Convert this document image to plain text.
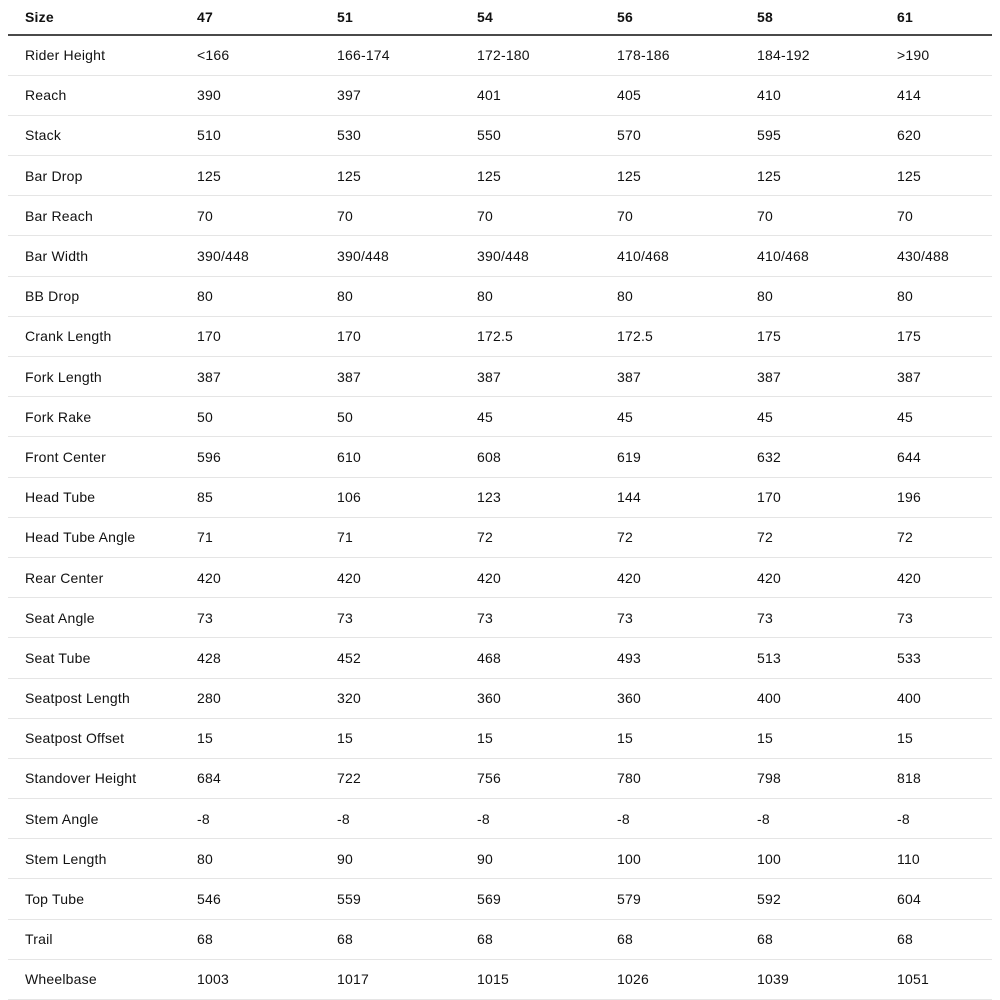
Size	47	51	54	56	58	61
Rider Height	<166	166-174	172-180	178-186	184-192	>190
Reach	390	397	401	405	410	414
Stack	510	530	550	570	595	620
Bar Drop	125	125	125	125	125	125
Bar Reach	70	70	70	70	70	70
Bar Width	390/448	390/448	390/448	410/468	410/468	430/488
BB Drop	80	80	80	80	80	80
Crank Length	170	170	172.5	172.5	175	175
Fork Length	387	387	387	387	387	387
Fork Rake	50	50	45	45	45	45
Front Center	596	610	608	619	632	644
Head Tube	85	106	123	144	170	196
Head Tube Angle	71	71	72	72	72	72
Rear Center	420	420	420	420	420	420
Seat Angle	73	73	73	73	73	73
Seat Tube	428	452	468	493	513	533
Seatpost Length	280	320	360	360	400	400
Seatpost Offset	15	15	15	15	15	15
Standover Height	684	722	756	780	798	818
Stem Angle	-8	-8	-8	-8	-8	-8
Stem Length	80	90	90	100	100	110
Top Tube	546	559	569	579	592	604
Trail	68	68	68	68	68	68
Wheelbase	1003	1017	1015	1026	1039	1051
